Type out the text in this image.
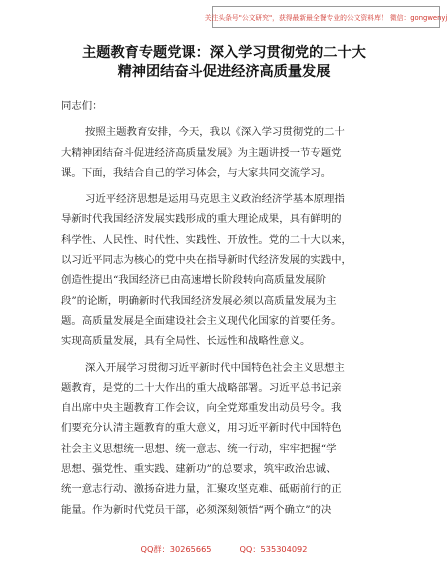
关注头条号"公文研究"，获得最新最全餐专业的公文资料库！ 微信：gongwenyj
主题教育专题党课：深入学习贯彻党的二十大
精神团结奋斗促进经济高质量发展
同志们：
按照主题教育安排，今天，我以《深入学习贯彻党的二十
大精神团结奋斗促进经济高质量发展》为主题讲授一节专题党
课。下面，我结合自己的学习体会，与大家共同交流学习。
习近平经济思想是运用马克思主义政治经济学基本原理指
导新时代我国经济发展实践形成的重大理论成果，具有鲜明的
科学性、人民性、时代性、实践性、开放性。党的二十大以来，
以习近平同志为核心的党中央在指导新时代经济发展的实践中，
创造性提出“我国经济已由高速增长阶段转向高质量发展阶
段”的论断，明确新时代我国经济发展必须以高质量发展为主
题。高质量发展是全面建设社会主义现代化国家的首要任务。
实现高质量发展，具有全局性、长远性和战略性意义。
深入开展学习贯彻习近平新时代中国特色社会主义思想主
题教育，是党的二十大作出的重大战略部署。习近平总书记亲
自出席中央主题教育工作会议，向全党郑重发出动员号令。我
们要充分认清主题教育的重大意义，用习近平新时代中国特色
社会主义思想统一思想、统一意志、统一行动，牢牢把握“学
思想、强党性、重实践、建新功”的总要求，筑牢政治忠诚、
统一意志行动、激扬奋进力量，汇聚攻坚克难、砥砺前行的正
能量。作为新时代党员干部，必须深刻领悟“两个确立”的决
QQ群：30265665	QQ：535304092
